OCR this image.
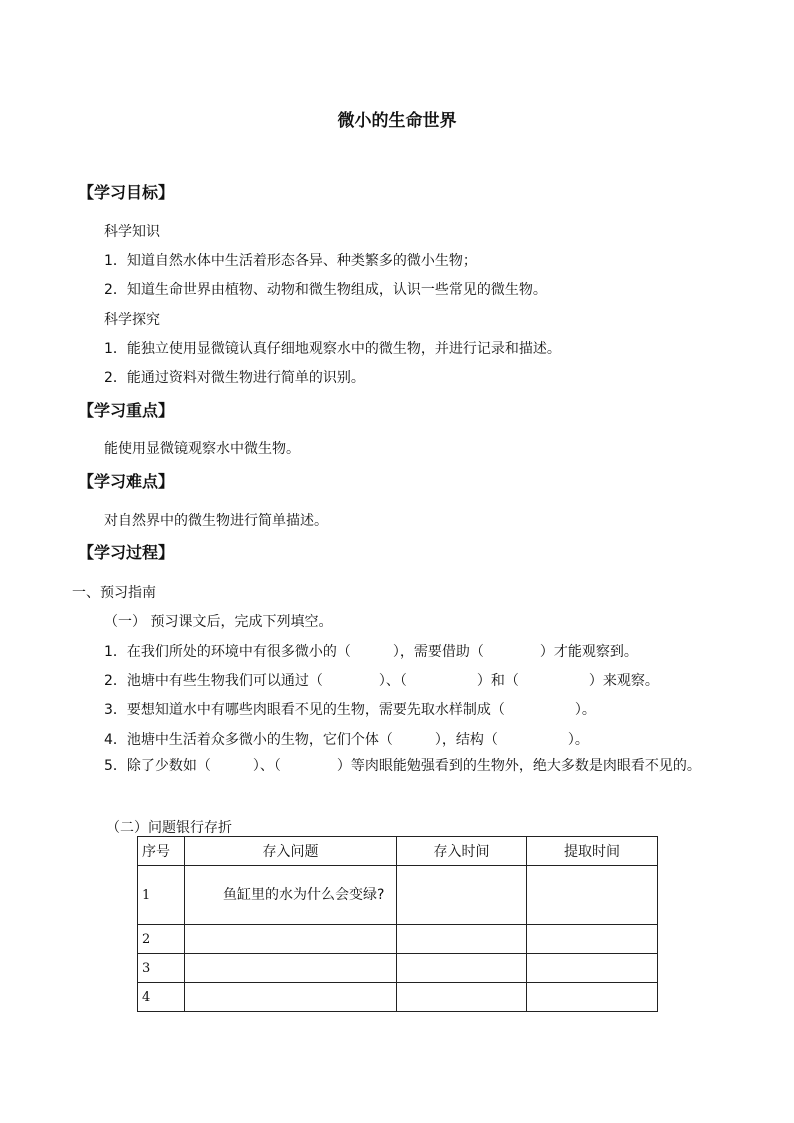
微小的生命世界
【学习目标】
科学知识
1．知道自然水体中生活着形态各异、种类繁多的微小生物；
2．知道生命世界由植物、动物和微生物组成，认识一些常见的微生物。
科学探究
1．能独立使用显微镜认真仔细地观察水中的微生物，并进行记录和描述。
2．能通过资料对微生物进行简单的识别。
【学习重点】
能使用显微镜观察水中微生物。
【学习难点】
对自然界中的微生物进行简单描述。
【学习过程】
一、预习指南
（一） 预习课文后，完成下列填空。
1．在我们所处的环境中有很多微小的（　　　），需要借助（　　　　）才能观察到。
2．池塘中有些生物我们可以通过（　　　　）、（　　　　　）和（　　　　　）来观察。
3．要想知道水中有哪些肉眼看不见的生物，需要先取水样制成（　　　　　）。
4．池塘中生活着众多微小的生物，它们个体（　　　），结构（　　　　　）。
5．除了少数如（　　　）、（　　　　）等肉眼能勉强看到的生物外，绝大多数是肉眼看不见的。
（二）问题银行存折
序号	存入问题	存入时间	提取时间
1	鱼缸里的水为什么会变绿?		
2			
3			
4			
